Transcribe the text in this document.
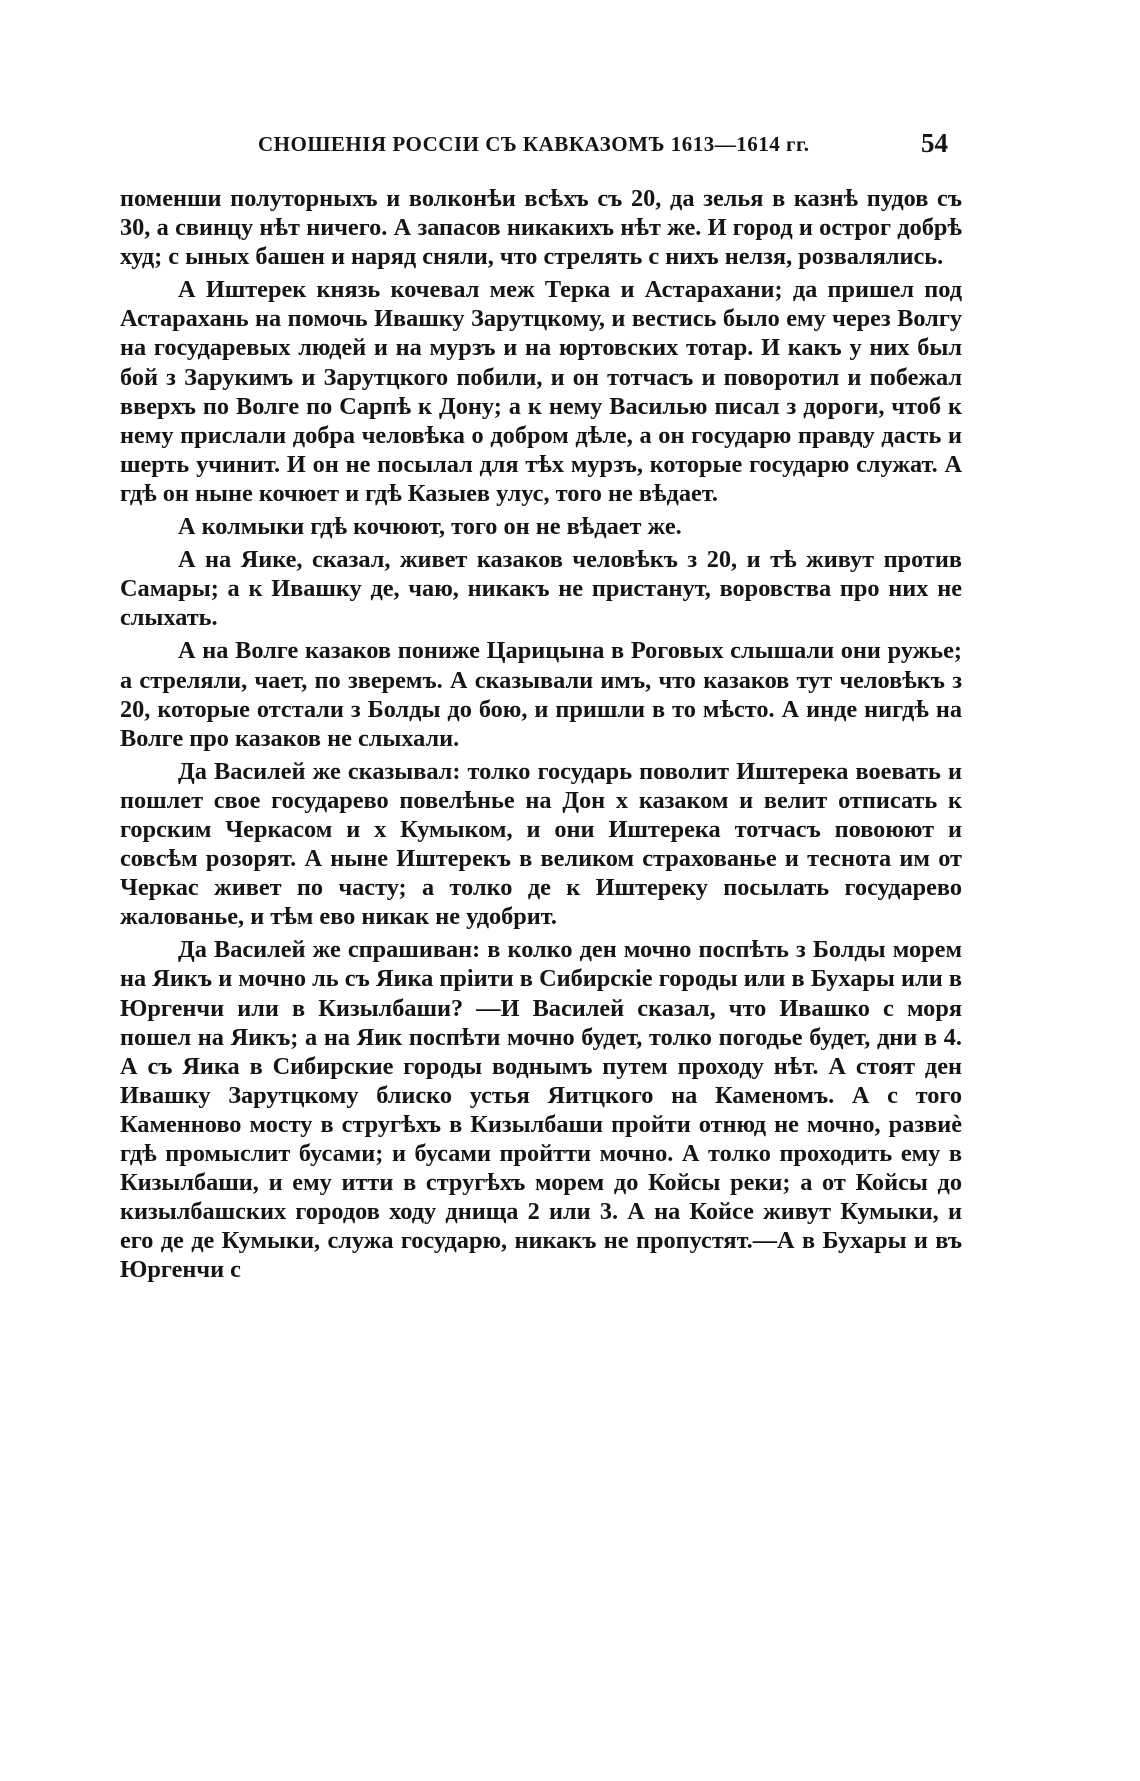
СНОШЕНІЯ РОССІИ СЪ КАВКАЗОМЪ 1613—1614 гг.	54

поменши полуторныхъ и волконѣи всѣхъ съ 20, да зелья в казнѣ пудов съ 30, а свинцу нѣт ничего. А запасов никакихъ нѣт же. И город и острог добрѣ худ; с ыных башен и наряд сняли, что стрелять с нихъ нелзя, розвалялись.

А Иштерек князь кочевал меж Терка и Астарахани; да пришел под Астарахань на помочь Ивашку Зарутцкому, и вестись было ему через Волгу на государевых людей и на мурзъ и на юртовских тотар. И какъ у них был бой з Зарукимъ и Зарутцкого побили, и он тотчасъ и поворотил и побежал вверхъ по Волге по Сарпѣ к Дону; а к нему Василью писал з дороги, чтоб к нему прислали добра человѣка о добром дѣле, а он государю правду дасть и шерть учинит. И он не посылал для тѣх мурзъ, которые государю служат. А гдѣ он ныне кочюет и гдѣ Казыев улус, того не вѣдает.

А колмыки гдѣ кочюют, того он не вѣдает же.

А на Яике, сказал, живет казаков человѣкъ з 20, и тѣ живут против Самары; а к Ивашку де, чаю, никакъ не пристанут, воровства про них не слыхать.

А на Волге казаков пониже Царицына в Роговых слышали они ружье; а стреляли, чает, по зверемъ. А сказывали имъ, что казаков тут человѣкъ з 20, которые отстали з Болды до бою, и пришли в то мѣсто. А инде нигдѣ на Волге про казаков не слыхали.

Да Василей же сказывал: толко государь поволит Иштерека воевать и пошлет свое государево повелѣнье на Дон х казаком и велит отписать к горским Черкасом и х Кумыком, и они Иштерека тотчасъ повоюют и совсѣм розорят. А ныне Иштерекъ в великом страхованье и теснота им от Черкас живет по часту; а толко де к Иштереку посылать государево жалованье, и тѣм ево никак не удобрит.

Да Василей же спрашиван: в колко ден мочно поспѣть з Болды морем на Яикъ и мочно ль съ Яика пріити в Сибирскіе городы или в Бухары или в Юргенчи или в Кизылбаши? —И Василей сказал, что Ивашко с моря пошел на Яикъ; а на Яик поспѣти мочно будет, толко погодье будет, дни в 4. А съ Яика в Сибирские городы воднымъ путем проходу нѣт. А стоят ден Ивашку Зарутцкому блиско устья Яитцкого на Каменомъ. А с того Каменново мосту в стругѣхъ в Кизылбаши пройти отнюд не мочно, развиѐ гдѣ промыслит бусами; и бусами пройтти мочно. А толко проходить ему в Кизылбаши, и ему итти в стругѣхъ морем до Койсы реки; а от Койсы до кизылбашских городов ходу днища 2 или 3. А на Койсе живут Кумыки, и его де де Кумыки, служа государю, никакъ не пропустят.—А в Бухары и въ Юргенчи с
